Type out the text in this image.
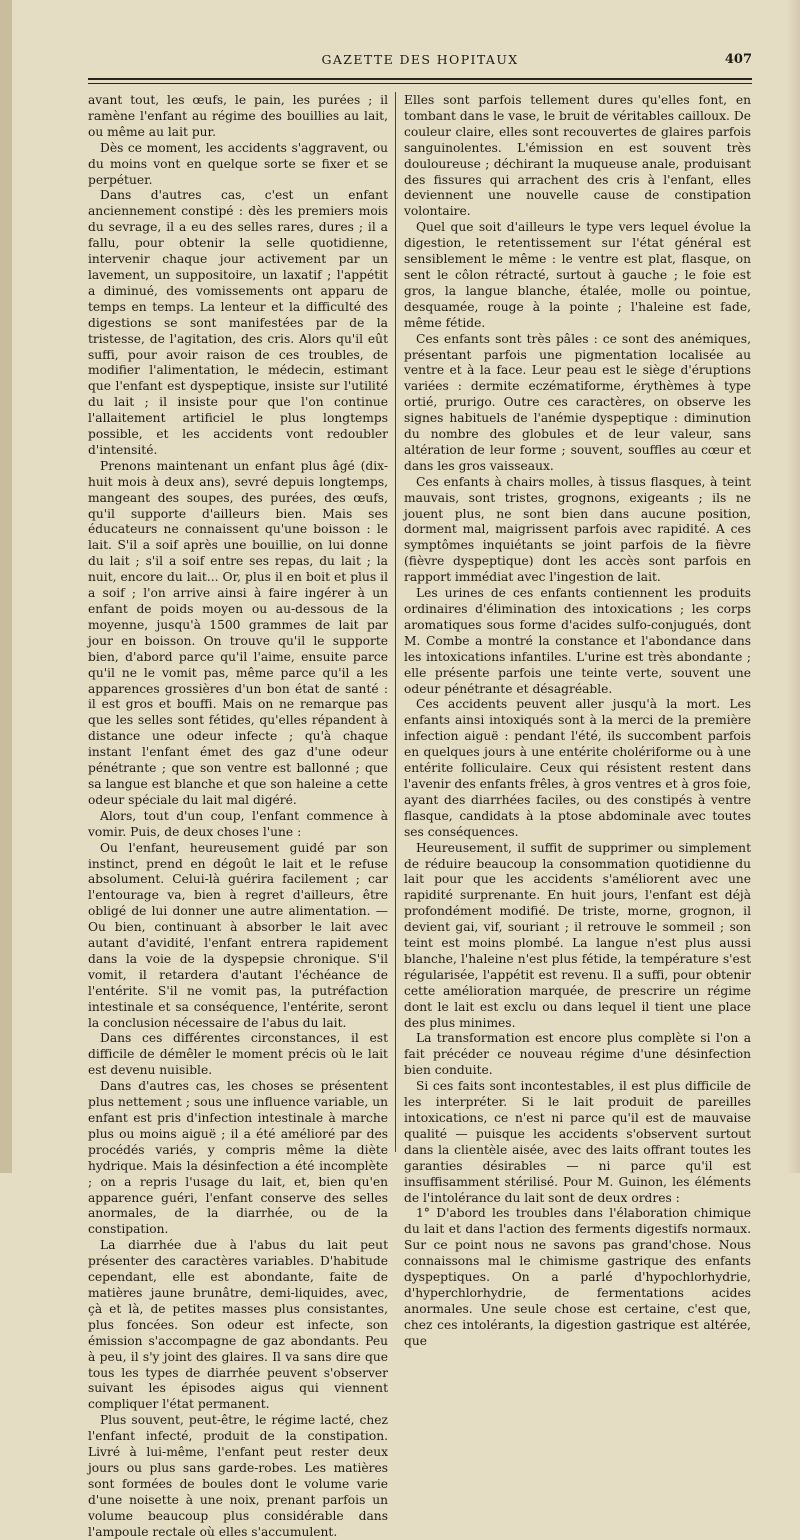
GAZETTE DES HOPITAUX	407

avant tout, les œufs, le pain, les purées ; il ramène l'enfant au régime des bouillies au lait, ou même au lait pur.

Dès ce moment, les accidents s'aggravent, ou du moins vont en quelque sorte se fixer et se perpétuer.

Dans d'autres cas, c'est un enfant anciennement constipé : dès les premiers mois du sevrage, il a eu des selles rares, dures ; il a fallu, pour obtenir la selle quotidienne, intervenir chaque jour activement par un lavement, un suppositoire, un laxatif ; l'appétit a diminué, des vomissements ont apparu de temps en temps. La lenteur et la difficulté des digestions se sont manifestées par de la tristesse, de l'agitation, des cris. Alors qu'il eût suffi, pour avoir raison de ces troubles, de modifier l'alimentation, le médecin, estimant que l'enfant est dyspeptique, insiste sur l'utilité du lait ; il insiste pour que l'on continue l'allaitement artificiel le plus longtemps possible, et les accidents vont redoubler d'intensité.

Prenons maintenant un enfant plus âgé (dix-huit mois à deux ans), sevré depuis longtemps, mangeant des soupes, des purées, des œufs, qu'il supporte d'ailleurs bien. Mais ses éducateurs ne connaissent qu'une boisson : le lait. S'il a soif après une bouillie, on lui donne du lait ; s'il a soif entre ses repas, du lait ; la nuit, encore du lait... Or, plus il en boit et plus il a soif ; l'on arrive ainsi à faire ingérer à un enfant de poids moyen ou au-dessous de la moyenne, jusqu'à 1500 grammes de lait par jour en boisson. On trouve qu'il le supporte bien, d'abord parce qu'il l'aime, ensuite parce qu'il ne le vomit pas, même parce qu'il a les apparences grossières d'un bon état de santé : il est gros et bouffi. Mais on ne remarque pas que les selles sont fétides, qu'elles répandent à distance une odeur infecte ; qu'à chaque instant l'enfant émet des gaz d'une odeur pénétrante ; que son ventre est ballonné ; que sa langue est blanche et que son haleine a cette odeur spéciale du lait mal digéré.

Alors, tout d'un coup, l'enfant commence à vomir. Puis, de deux choses l'une :

Ou l'enfant, heureusement guidé par son instinct, prend en dégoût le lait et le refuse absolument. Celui-là guérira facilement ; car l'entourage va, bien à regret d'ailleurs, être obligé de lui donner une autre alimentation. — Ou bien, continuant à absorber le lait avec autant d'avidité, l'enfant entrera rapidement dans la voie de la dyspepsie chronique. S'il vomit, il retardera d'autant l'échéance de l'entérite. S'il ne vomit pas, la putréfaction intestinale et sa conséquence, l'entérite, seront la conclusion nécessaire de l'abus du lait.

Dans ces différentes circonstances, il est difficile de démêler le moment précis où le lait est devenu nuisible.

Dans d'autres cas, les choses se présentent plus nettement ; sous une influence variable, un enfant est pris d'infection intestinale à marche plus ou moins aiguë ; il a été amélioré par des procédés variés, y compris même la diète hydrique. Mais la désinfection a été incomplète ; on a repris l'usage du lait, et, bien qu'en apparence guéri, l'enfant conserve des selles anormales, de la diarrhée, ou de la constipation.

La diarrhée due à l'abus du lait peut présenter des caractères variables. D'habitude cependant, elle est abondante, faite de matières jaune brunâtre, demi-liquides, avec, çà et là, de petites masses plus consistantes, plus foncées. Son odeur est infecte, son émission s'accompagne de gaz abondants. Peu à peu, il s'y joint des glaires. Il va sans dire que tous les types de diarrhée peuvent s'observer suivant les épisodes aigus qui viennent compliquer l'état permanent.

Plus souvent, peut-être, le régime lacté, chez l'enfant infecté, produit de la constipation. Livré à lui-même, l'enfant peut rester deux jours ou plus sans garde-robes. Les matières sont formées de boules dont le volume varie d'une noisette à une noix, prenant parfois un volume beaucoup plus considérable dans l'ampoule rectale où elles s'accumulent.

Elles sont parfois tellement dures qu'elles font, en tombant dans le vase, le bruit de véritables cailloux. De couleur claire, elles sont recouvertes de glaires parfois sanguinolentes. L'émission en est souvent très douloureuse ; déchirant la muqueuse anale, produisant des fissures qui arrachent des cris à l'enfant, elles deviennent une nouvelle cause de constipation volontaire.

Quel que soit d'ailleurs le type vers lequel évolue la digestion, le retentissement sur l'état général est sensiblement le même : le ventre est plat, flasque, on sent le côlon rétracté, surtout à gauche ; le foie est gros, la langue blanche, étalée, molle ou pointue, desquamée, rouge à la pointe ; l'haleine est fade, même fétide.

Ces enfants sont très pâles : ce sont des anémiques, présentant parfois une pigmentation localisée au ventre et à la face. Leur peau est le siège d'éruptions variées : dermite eczématiforme, érythèmes à type ortié, prurigo. Outre ces caractères, on observe les signes habituels de l'anémie dyspeptique : diminution du nombre des globules et de leur valeur, sans altération de leur forme ; souvent, souffles au cœur et dans les gros vaisseaux.

Ces enfants à chairs molles, à tissus flasques, à teint mauvais, sont tristes, grognons, exigeants ; ils ne jouent plus, ne sont bien dans aucune position, dorment mal, maigrissent parfois avec rapidité. A ces symptômes inquiétants se joint parfois de la fièvre (fièvre dyspeptique) dont les accès sont parfois en rapport immédiat avec l'ingestion de lait.

Les urines de ces enfants contiennent les produits ordinaires d'élimination des intoxications ; les corps aromatiques sous forme d'acides sulfo-conjugués, dont M. Combe a montré la constance et l'abondance dans les intoxications infantiles. L'urine est très abondante ; elle présente parfois une teinte verte, souvent une odeur pénétrante et désagréable.

Ces accidents peuvent aller jusqu'à la mort. Les enfants ainsi intoxiqués sont à la merci de la première infection aiguë : pendant l'été, ils succombent parfois en quelques jours à une entérite cholériforme ou à une entérite folliculaire. Ceux qui résistent restent dans l'avenir des enfants frêles, à gros ventres et à gros foie, ayant des diarrhées faciles, ou des constipés à ventre flasque, candidats à la ptose abdominale avec toutes ses conséquences.

Heureusement, il suffit de supprimer ou simplement de réduire beaucoup la consommation quotidienne du lait pour que les accidents s'améliorent avec une rapidité surprenante. En huit jours, l'enfant est déjà profondément modifié. De triste, morne, grognon, il devient gai, vif, souriant ; il retrouve le sommeil ; son teint est moins plombé. La langue n'est plus aussi blanche, l'haleine n'est plus fétide, la température s'est régularisée, l'appétit est revenu. Il a suffi, pour obtenir cette amélioration marquée, de prescrire un régime dont le lait est exclu ou dans lequel il tient une place des plus minimes.

La transformation est encore plus complète si l'on a fait précéder ce nouveau régime d'une désinfection bien conduite.

Si ces faits sont incontestables, il est plus difficile de les interpréter. Si le lait produit de pareilles intoxications, ce n'est ni parce qu'il est de mauvaise qualité — puisque les accidents s'observent surtout dans la clientèle aisée, avec des laits offrant toutes les garanties désirables — ni parce qu'il est insuffisamment stérilisé. Pour M. Guinon, les éléments de l'intolérance du lait sont de deux ordres :

1° D'abord les troubles dans l'élaboration chimique du lait et dans l'action des ferments digestifs normaux. Sur ce point nous ne savons pas grand'chose. Nous connaissons mal le chimisme gastrique des enfants dyspeptiques. On a parlé d'hypochlorhydrie, d'hyperchlorhydrie, de fermentations acides anormales. Une seule chose est certaine, c'est que, chez ces intolérants, la digestion gastrique est altérée, que
